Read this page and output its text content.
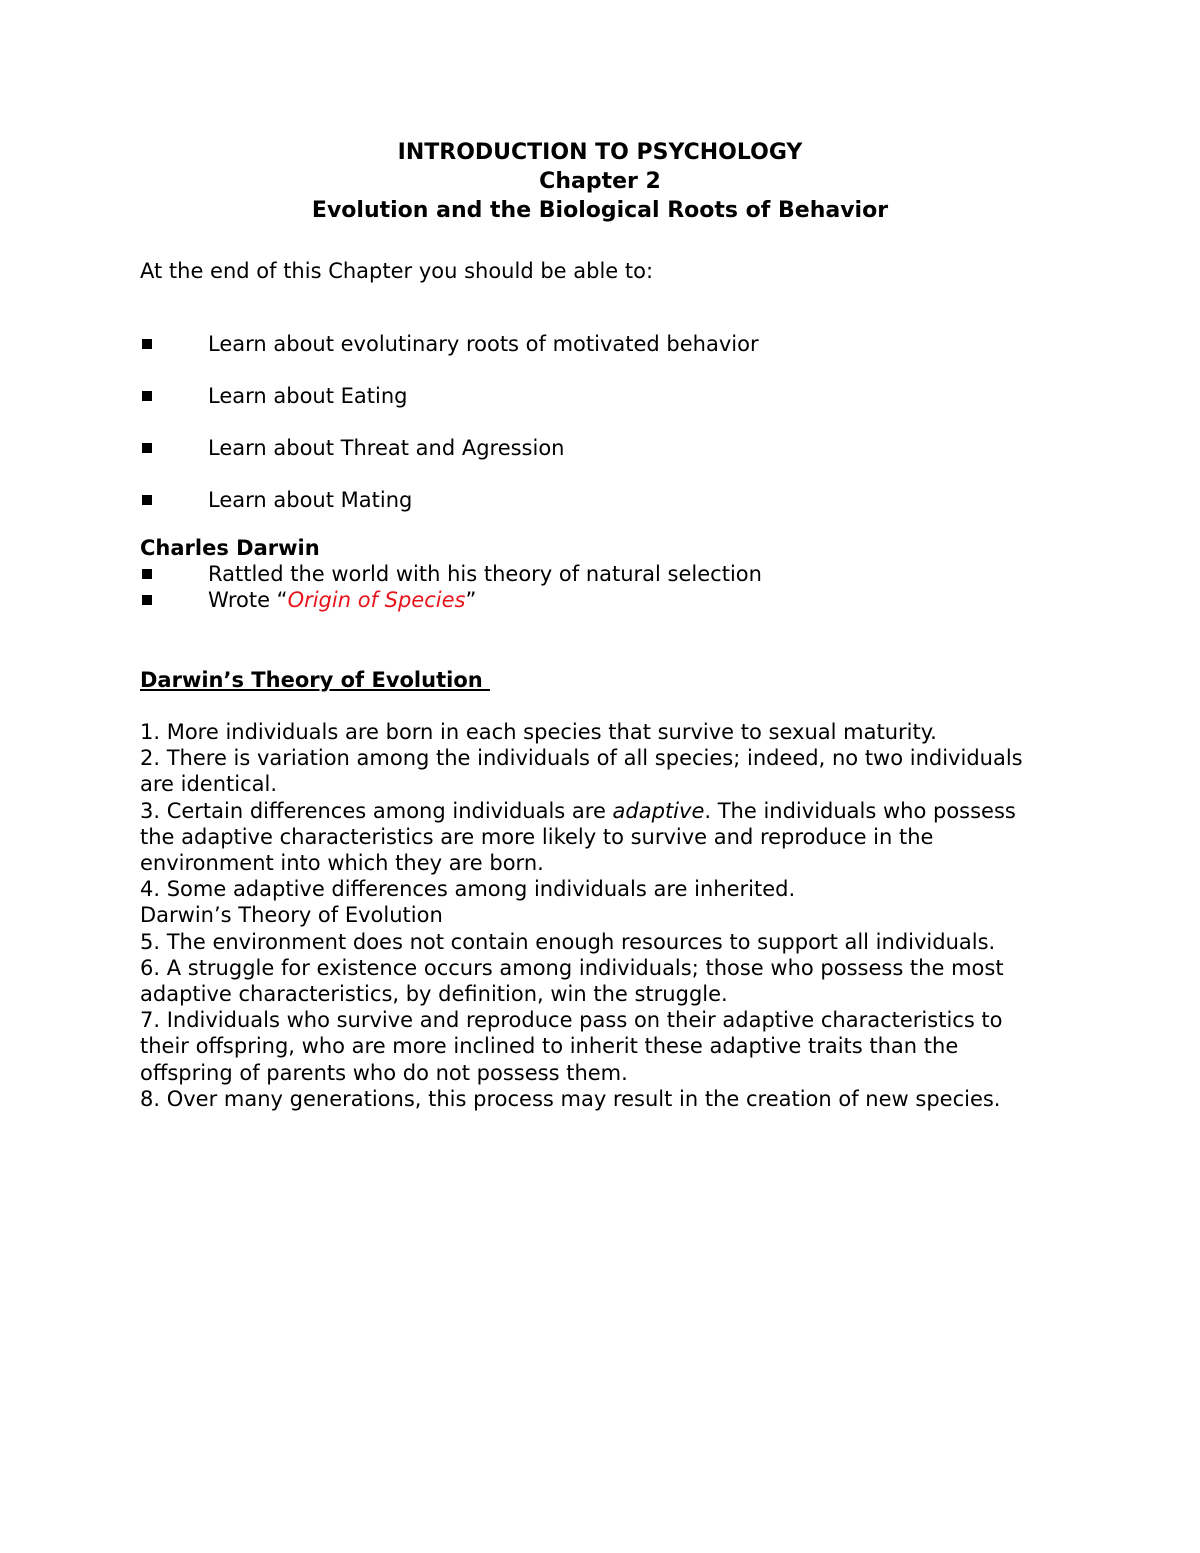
INTRODUCTION TO PSYCHOLOGY
Chapter 2
Evolution and the Biological Roots of Behavior
At the end of this Chapter you should be able to:
Learn about evolutinary roots of motivated behavior
Learn about Eating
Learn about Threat and Agression
Learn about Mating
Charles Darwin
Rattled the world with his theory of natural selection
Wrote “Origin of Species”
Darwin’s Theory of Evolution
1. More individuals are born in each species that survive to sexual maturity.
2. There is variation among the individuals of all species; indeed, no two individuals
are identical.
3. Certain differences among individuals are adaptive. The individuals who possess
the adaptive characteristics are more likely to survive and reproduce in the
environment into which they are born.
4. Some adaptive differences among individuals are inherited.
Darwin’s Theory of Evolution
5. The environment does not contain enough resources to support all individuals.
6. A struggle for existence occurs among individuals; those who possess the most
adaptive characteristics, by definition, win the struggle.
7. Individuals who survive and reproduce pass on their adaptive characteristics to
their offspring, who are more inclined to inherit these adaptive traits than the
offspring of parents who do not possess them.
8. Over many generations, this process may result in the creation of new species.
